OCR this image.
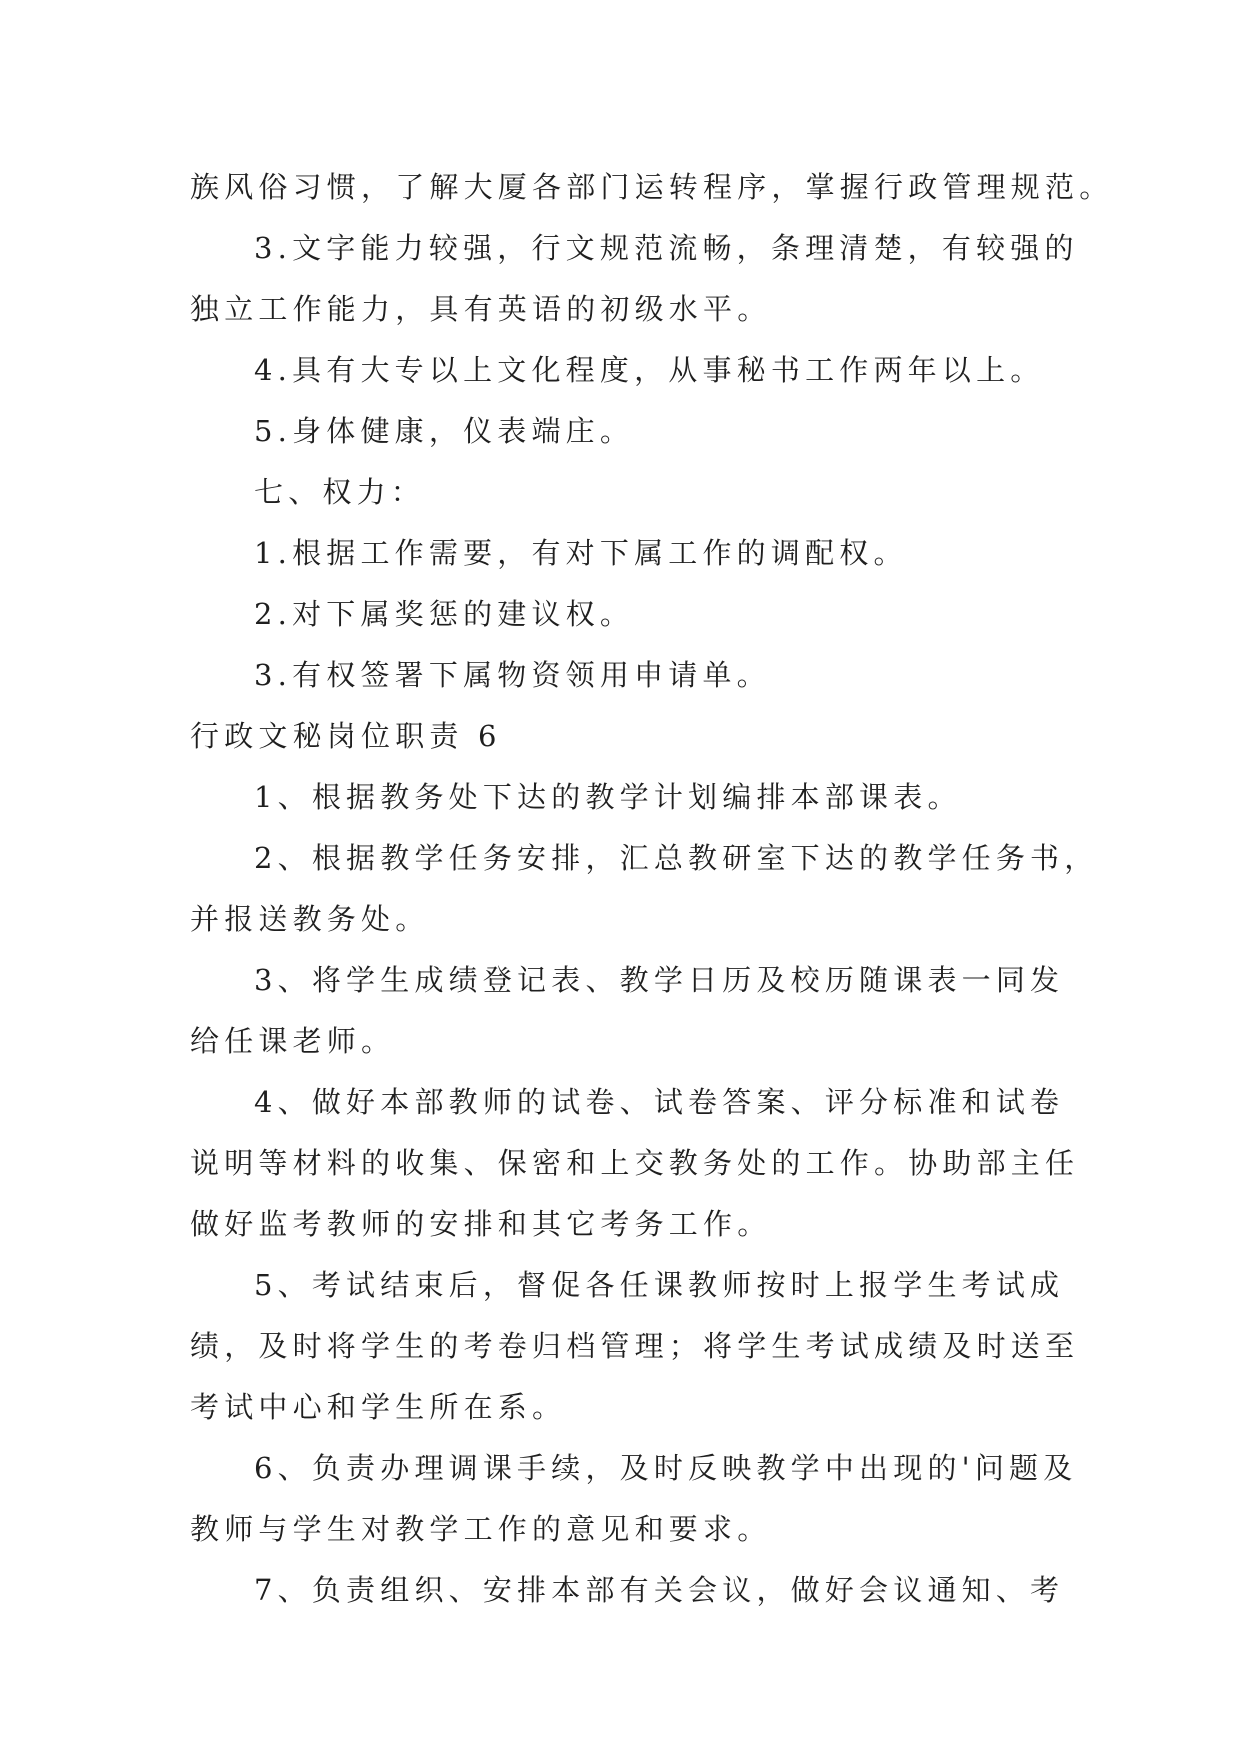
族风俗习惯，了解大厦各部门运转程序，掌握行政管理规范。
3.文字能力较强，行文规范流畅，条理清楚，有较强的
独立工作能力，具有英语的初级水平。
4.具有大专以上文化程度，从事秘书工作两年以上。
5.身体健康，仪表端庄。
七、权力：
1.根据工作需要，有对下属工作的调配权。
2.对下属奖惩的建议权。
3.有权签署下属物资领用申请单。
行政文秘岗位职责 6
1、根据教务处下达的教学计划编排本部课表。
2、根据教学任务安排，汇总教研室下达的教学任务书，
并报送教务处。
3、将学生成绩登记表、教学日历及校历随课表一同发
给任课老师。
4、做好本部教师的试卷、试卷答案、评分标准和试卷
说明等材料的收集、保密和上交教务处的工作。协助部主任
做好监考教师的安排和其它考务工作。
5、考试结束后，督促各任课教师按时上报学生考试成
绩，及时将学生的考卷归档管理；将学生考试成绩及时送至
考试中心和学生所在系。
6、负责办理调课手续，及时反映教学中出现的'问题及
教师与学生对教学工作的意见和要求。
7、负责组织、安排本部有关会议，做好会议通知、考
